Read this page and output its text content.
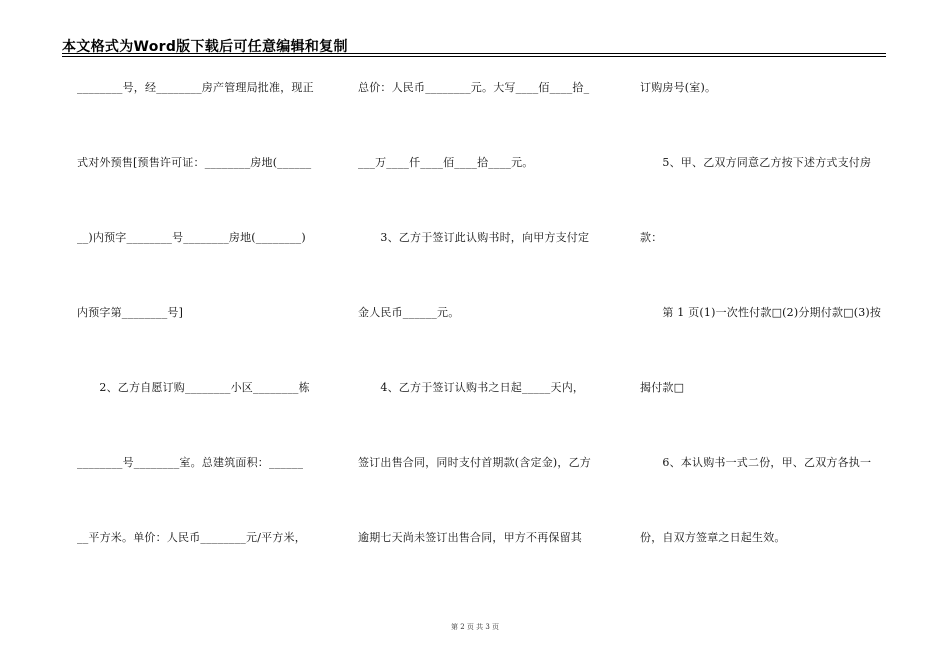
本文格式为Word版下载后可任意编辑和复制
________号，经________房产管理局批准，现正
式对外预售[预售许可证：________房地(______
__)内预字________号________房地(________)
内预字第________号]
　　2、乙方自愿订购________小区________栋
________号________室。总建筑面积：______
__平方米。单价：人民币________元/平方米，
总价：人民币________元。大写____佰____拾_
___万____仟____佰____拾____元。
　　3、乙方于签订此认购书时，向甲方支付定
金人民币______元。
　　4、乙方于签订认购书之日起_____天内，
签订出售合同，同时支付首期款(含定金)，乙方
逾期七天尚未签订出售合同，甲方不再保留其
订购房号(室)。
　　5、甲、乙双方同意乙方按下述方式支付房
款：
　　第 1 页(1)一次性付款□(2)分期付款□(3)按
揭付款□
　　6、本认购书一式二份，甲、乙双方各执一
份，自双方签章之日起生效。
第 2 页 共 3 页
